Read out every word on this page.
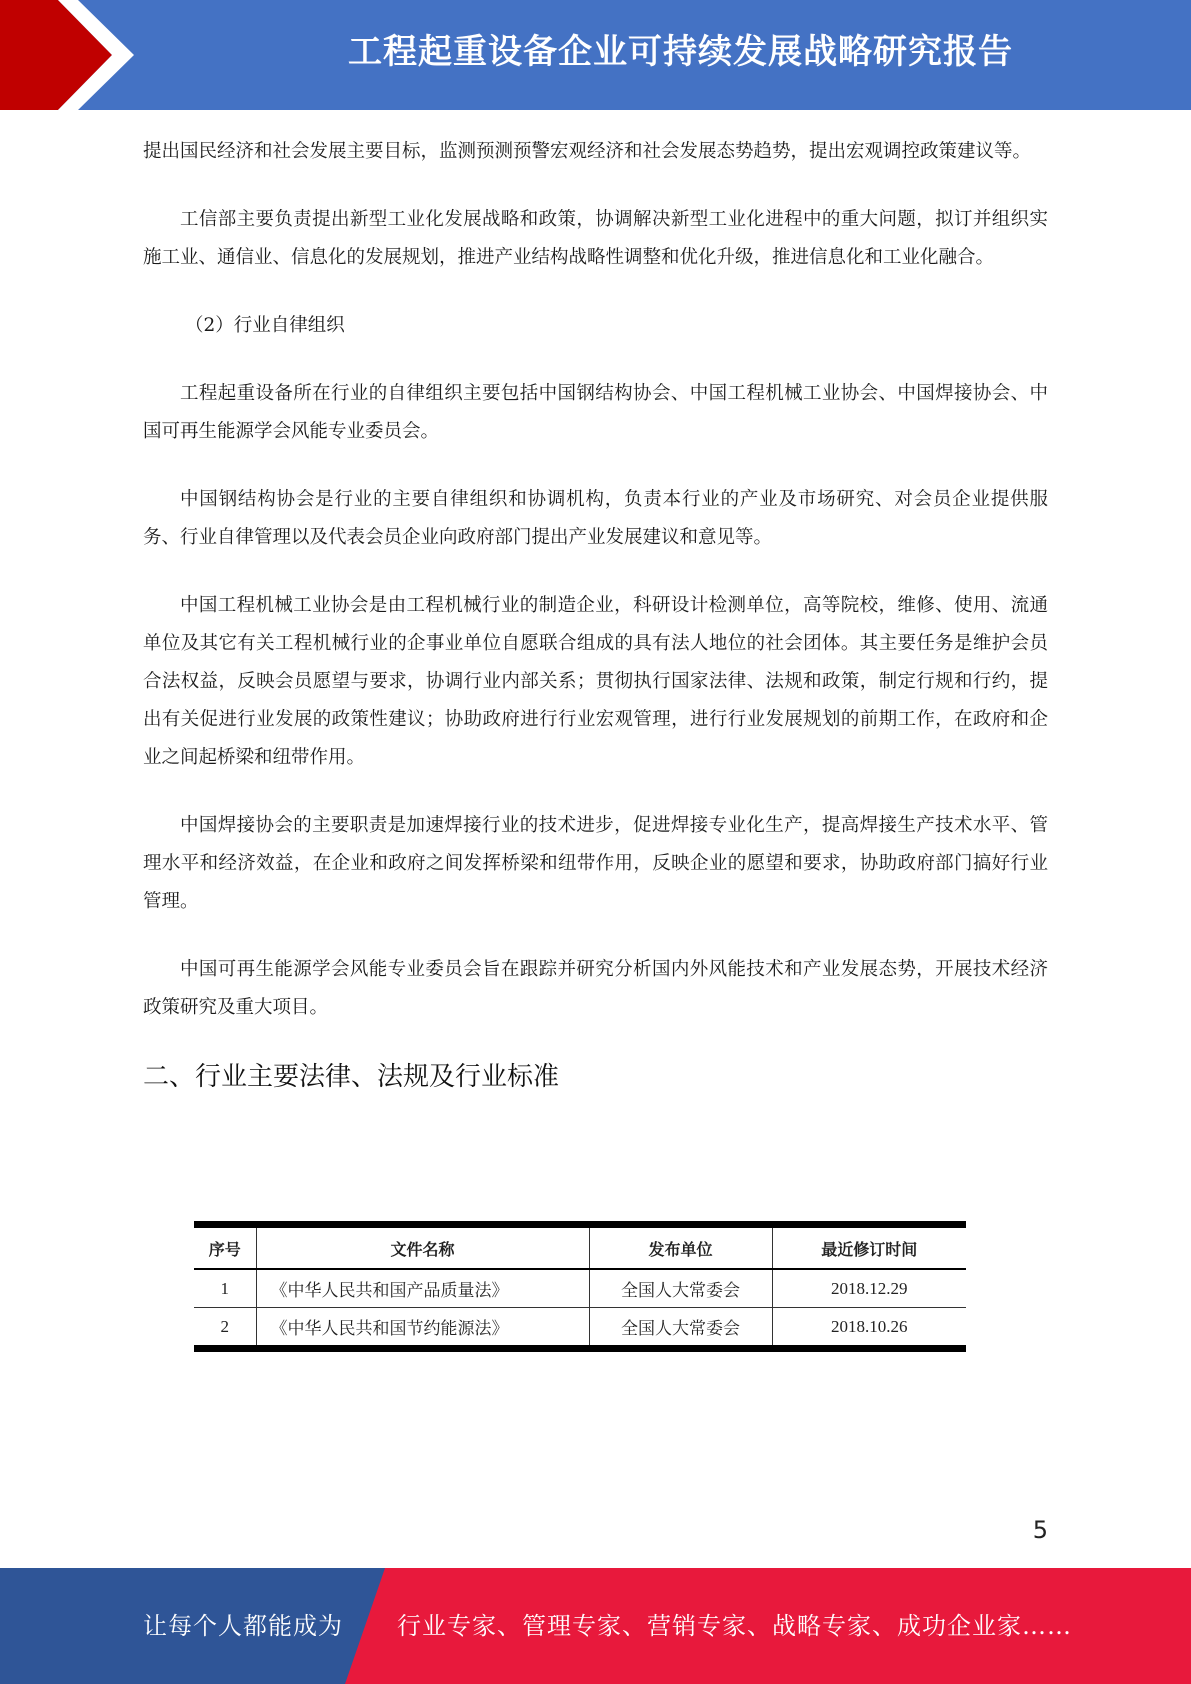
工程起重设备企业可持续发展战略研究报告

提出国民经济和社会发展主要目标，监测预测预警宏观经济和社会发展态势趋势，提出宏观调控政策建议等。

工信部主要负责提出新型工业化发展战略和政策，协调解决新型工业化进程中的重大问题，拟订并组织实施工业、通信业、信息化的发展规划，推进产业结构战略性调整和优化升级，推进信息化和工业化融合。

（2）行业自律组织

工程起重设备所在行业的自律组织主要包括中国钢结构协会、中国工程机械工业协会、中国焊接协会、中国可再生能源学会风能专业委员会。

中国钢结构协会是行业的主要自律组织和协调机构，负责本行业的产业及市场研究、对会员企业提供服务、行业自律管理以及代表会员企业向政府部门提出产业发展建议和意见等。

中国工程机械工业协会是由工程机械行业的制造企业，科研设计检测单位，高等院校，维修、使用、流通单位及其它有关工程机械行业的企事业单位自愿联合组成的具有法人地位的社会团体。其主要任务是维护会员合法权益，反映会员愿望与要求，协调行业内部关系；贯彻执行国家法律、法规和政策，制定行规和行约，提出有关促进行业发展的政策性建议；协助政府进行行业宏观管理，进行行业发展规划的前期工作，在政府和企业之间起桥梁和纽带作用。

中国焊接协会的主要职责是加速焊接行业的技术进步，促进焊接专业化生产，提高焊接生产技术水平、管理水平和经济效益，在企业和政府之间发挥桥梁和纽带作用，反映企业的愿望和要求，协助政府部门搞好行业管理。

中国可再生能源学会风能专业委员会旨在跟踪并研究分析国内外风能技术和产业发展态势，开展技术经济政策研究及重大项目。

二、行业主要法律、法规及行业标准
序号	文件名称	发布单位	最近修订时间
1	《中华人民共和国产品质量法》	全国人大常委会	2018.12.29
2	《中华人民共和国节约能源法》	全国人大常委会	2018.10.26
5
让每个人都能成为 行业专家、管理专家、营销专家、战略专家、成功企业家……
